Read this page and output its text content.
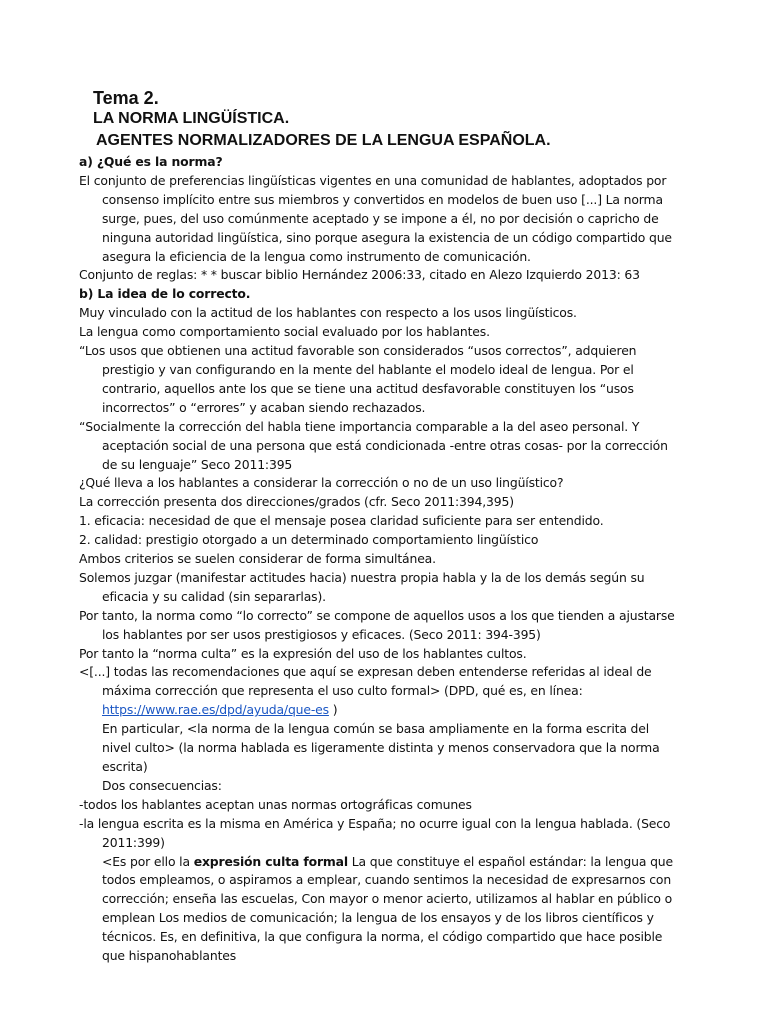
Tema 2.
LA NORMA LINGÜÍSTICA.
AGENTES NORMALIZADORES DE LA LENGUA ESPAÑOLA.

a) ¿Qué es la norma?

El conjunto de preferencias lingüísticas vigentes en una comunidad de hablantes, adoptados por consenso implícito entre sus miembros y convertidos en modelos de buen uso [...] La norma surge, pues, del uso comúnmente aceptado y se impone a él, no por decisión o capricho de ninguna autoridad lingüística, sino porque asegura la existencia de un código compartido que asegura la eficiencia de la lengua como instrumento de comunicación.

Conjunto de reglas: * * buscar biblio Hernández 2006:33, citado en Alezo Izquierdo 2013: 63

b) La idea de lo correcto.

Muy vinculado con la actitud de los hablantes con respecto a los usos lingüísticos.

La lengua como comportamiento social evaluado por los hablantes.

“Los usos que obtienen una actitud favorable son considerados “usos correctos”, adquieren prestigio y van configurando en la mente del hablante el modelo ideal de lengua. Por el contrario, aquellos ante los que se tiene una actitud desfavorable constituyen los “usos incorrectos” o “errores” y acaban siendo rechazados.

“Socialmente la corrección del habla tiene importancia comparable a la del aseo personal. Y aceptación social de una persona que está condicionada -entre otras cosas- por la corrección de su lenguaje” Seco 2011:395

¿Qué lleva a los hablantes a considerar la corrección o no de un uso lingüístico?

La corrección presenta dos direcciones/grados (cfr. Seco 2011:394,395)

1. eficacia: necesidad de que el mensaje posea claridad suficiente para ser entendido.

2. calidad: prestigio otorgado a un determinado comportamiento lingüístico

Ambos criterios se suelen considerar de forma simultánea.

Solemos juzgar (manifestar actitudes hacia) nuestra propia habla y la de los demás según su eficacia y su calidad (sin separarlas).

Por tanto, la norma como “lo correcto” se compone de aquellos usos a los que tienden a ajustarse los hablantes por ser usos prestigiosos y eficaces. (Seco 2011: 394-395)

Por tanto la “norma culta” es la expresión del uso de los hablantes cultos.

<[...] todas las recomendaciones que aquí se expresan deben entenderse referidas al ideal de máxima corrección que representa el uso culto formal> (DPD, qué es, en línea:
https://www.rae.es/dpd/ayuda/que-es )

En particular, <la norma de la lengua común se basa ampliamente en la forma escrita del nivel culto> (la norma hablada es ligeramente distinta y menos conservadora que la norma escrita)

Dos consecuencias:

-todos los hablantes aceptan unas normas ortográficas comunes

-la lengua escrita es la misma en América y España; no ocurre igual con la lengua hablada. (Seco 2011:399)

<Es por ello la expresión culta formal La que constituye el español estándar: la lengua que todos empleamos, o aspiramos a emplear, cuando sentimos la necesidad de expresarnos con corrección; enseña las escuelas, Con mayor o menor acierto, utilizamos al hablar en público o emplean Los medios de comunicación; la lengua de los ensayos y de los libros científicos y técnicos. Es, en definitiva, la que configura la norma, el código compartido que hace posible que hispanohablantes
